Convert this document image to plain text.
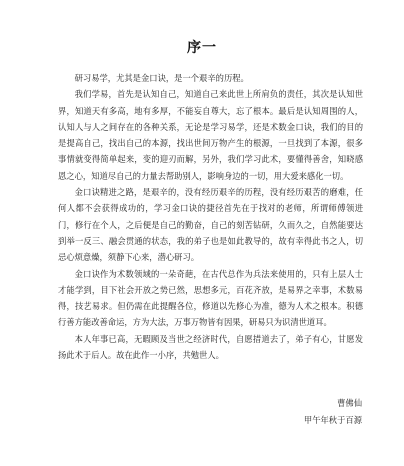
序一

研习易学，尤其是金口诀，是一个艰辛的历程。

我们学易，首先是认知自己，知道自己来此世上所肩负的责任，其次是认知世界，知道天有多高，地有多厚，不能妄自尊大，忘了根本。最后是认知周围的人，认知人与人之间存在的各种关系，无论是学习易学，还是术数金口诀，我们的目的是提高自己，找出自己的本源，找出世间万物产生的根源，一旦找到了本源，很多事情就变得简单起来，变的迎刃而解，另外，我们学习此术，要懂得善舍，知晓感恩之心，知道尽自己的力量去帮助别人，影响身边的一切，用大爱来感化一切。

金口诀精进之路，是艰辛的，没有经历艰辛的历程，没有经历艰苦的磨难，任何人都不会获得成功的，学习金口诀的捷径首先在于找对的老师，所谓师傅领进门，修行在个人，之后便是自己的勤奋，自己的刻苦钻研，久而久之，自然能要达到举一反三、融会贯通的状态，我的弟子也是如此教导的，故有幸得此书之人，切忌心烦意燥，须静下心来，潜心研习。

金口诀作为术数领域的一朵奇葩，在古代总作为兵法来使用的，只有上层人士才能学到，目下社会开放之势已然，思想多元，百花齐放，是易界之幸事，术数易得，技艺易求。但仍需在此提醒各位，修道以先修心为准，德为人术之根本。积德行善方能改善命运，方为大法，万事万物皆有因果，研易只为识清世道耳。

本人年事已高，无暇顾及当世之经济时代，自愿措道去了，弟子有心，甘愿发扬此术于后人。故在此作一小序，共勉世人。

曹佛仙
甲午年秋于百源
